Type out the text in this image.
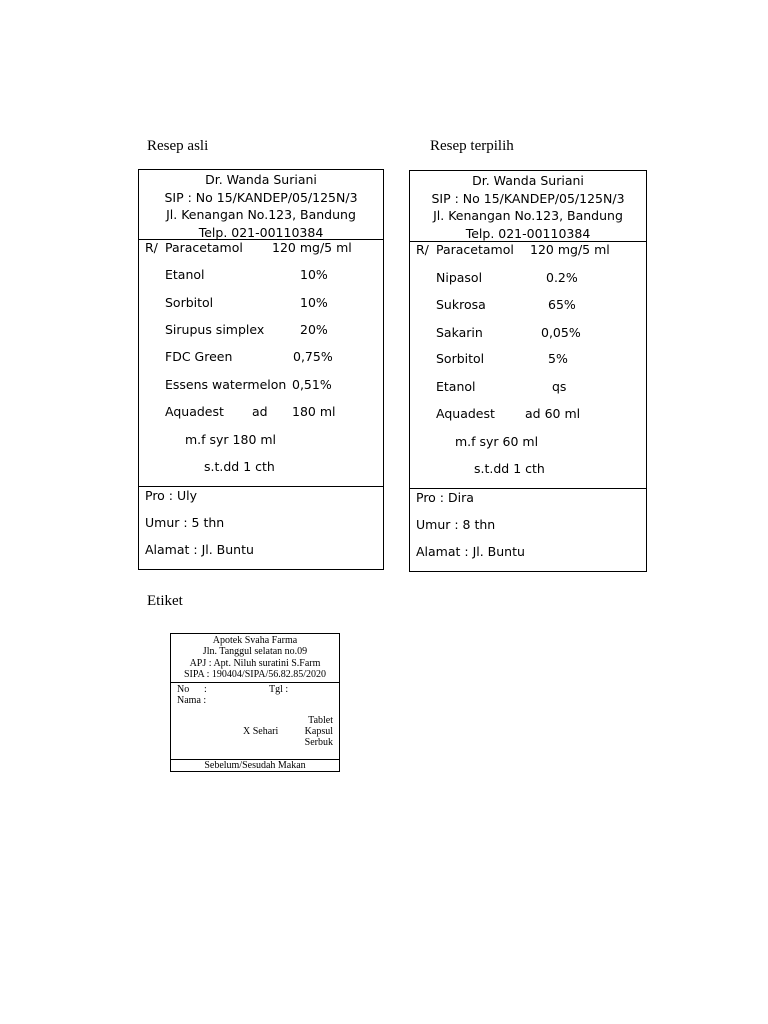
Resep asli	Resep terpilih
Etiket
Dr. Wanda Suriani
SIP : No 15/KANDEP/05/125N/3
Jl. Kenangan No.123, Bandung
Telp. 021-00110384
R/ Paracetamol 120 mg/5 ml
Etanol	10%
Sorbitol	10%
Sirupus simplex	20%
FDC Green	0,75%
Essens watermelon 0,51%
Aquadest ad 180 ml
m.f syr 180 ml
s.t.dd 1 cth
Pro : Uly
Umur : 5 thn
Alamat : Jl. Buntu
Dr. Wanda Suriani
SIP : No 15/KANDEP/05/125N/3
Jl. Kenangan No.123, Bandung
Telp. 021-00110384
R/ Paracetamol 120 mg/5 ml
Nipasol	0.2%
Sukrosa	65%
Sakarin	0,05%
Sorbitol	5%
Etanol	qs
Aquadest ad 60 ml
m.f syr 60 ml
s.t.dd 1 cth
Pro : Dira
Umur : 8 thn
Alamat : Jl. Buntu
Apotek Svaha Farma
Jln. Tanggul selatan no.09
APJ : Apt. Niluh suratini S.Farm
SIPA : 190404/SIPA/56.82.85/2020
No :	Tgl :
Nama :
X Sehari
Tablet
Kapsul
Serbuk
Sebelum/Sesudah Makan
